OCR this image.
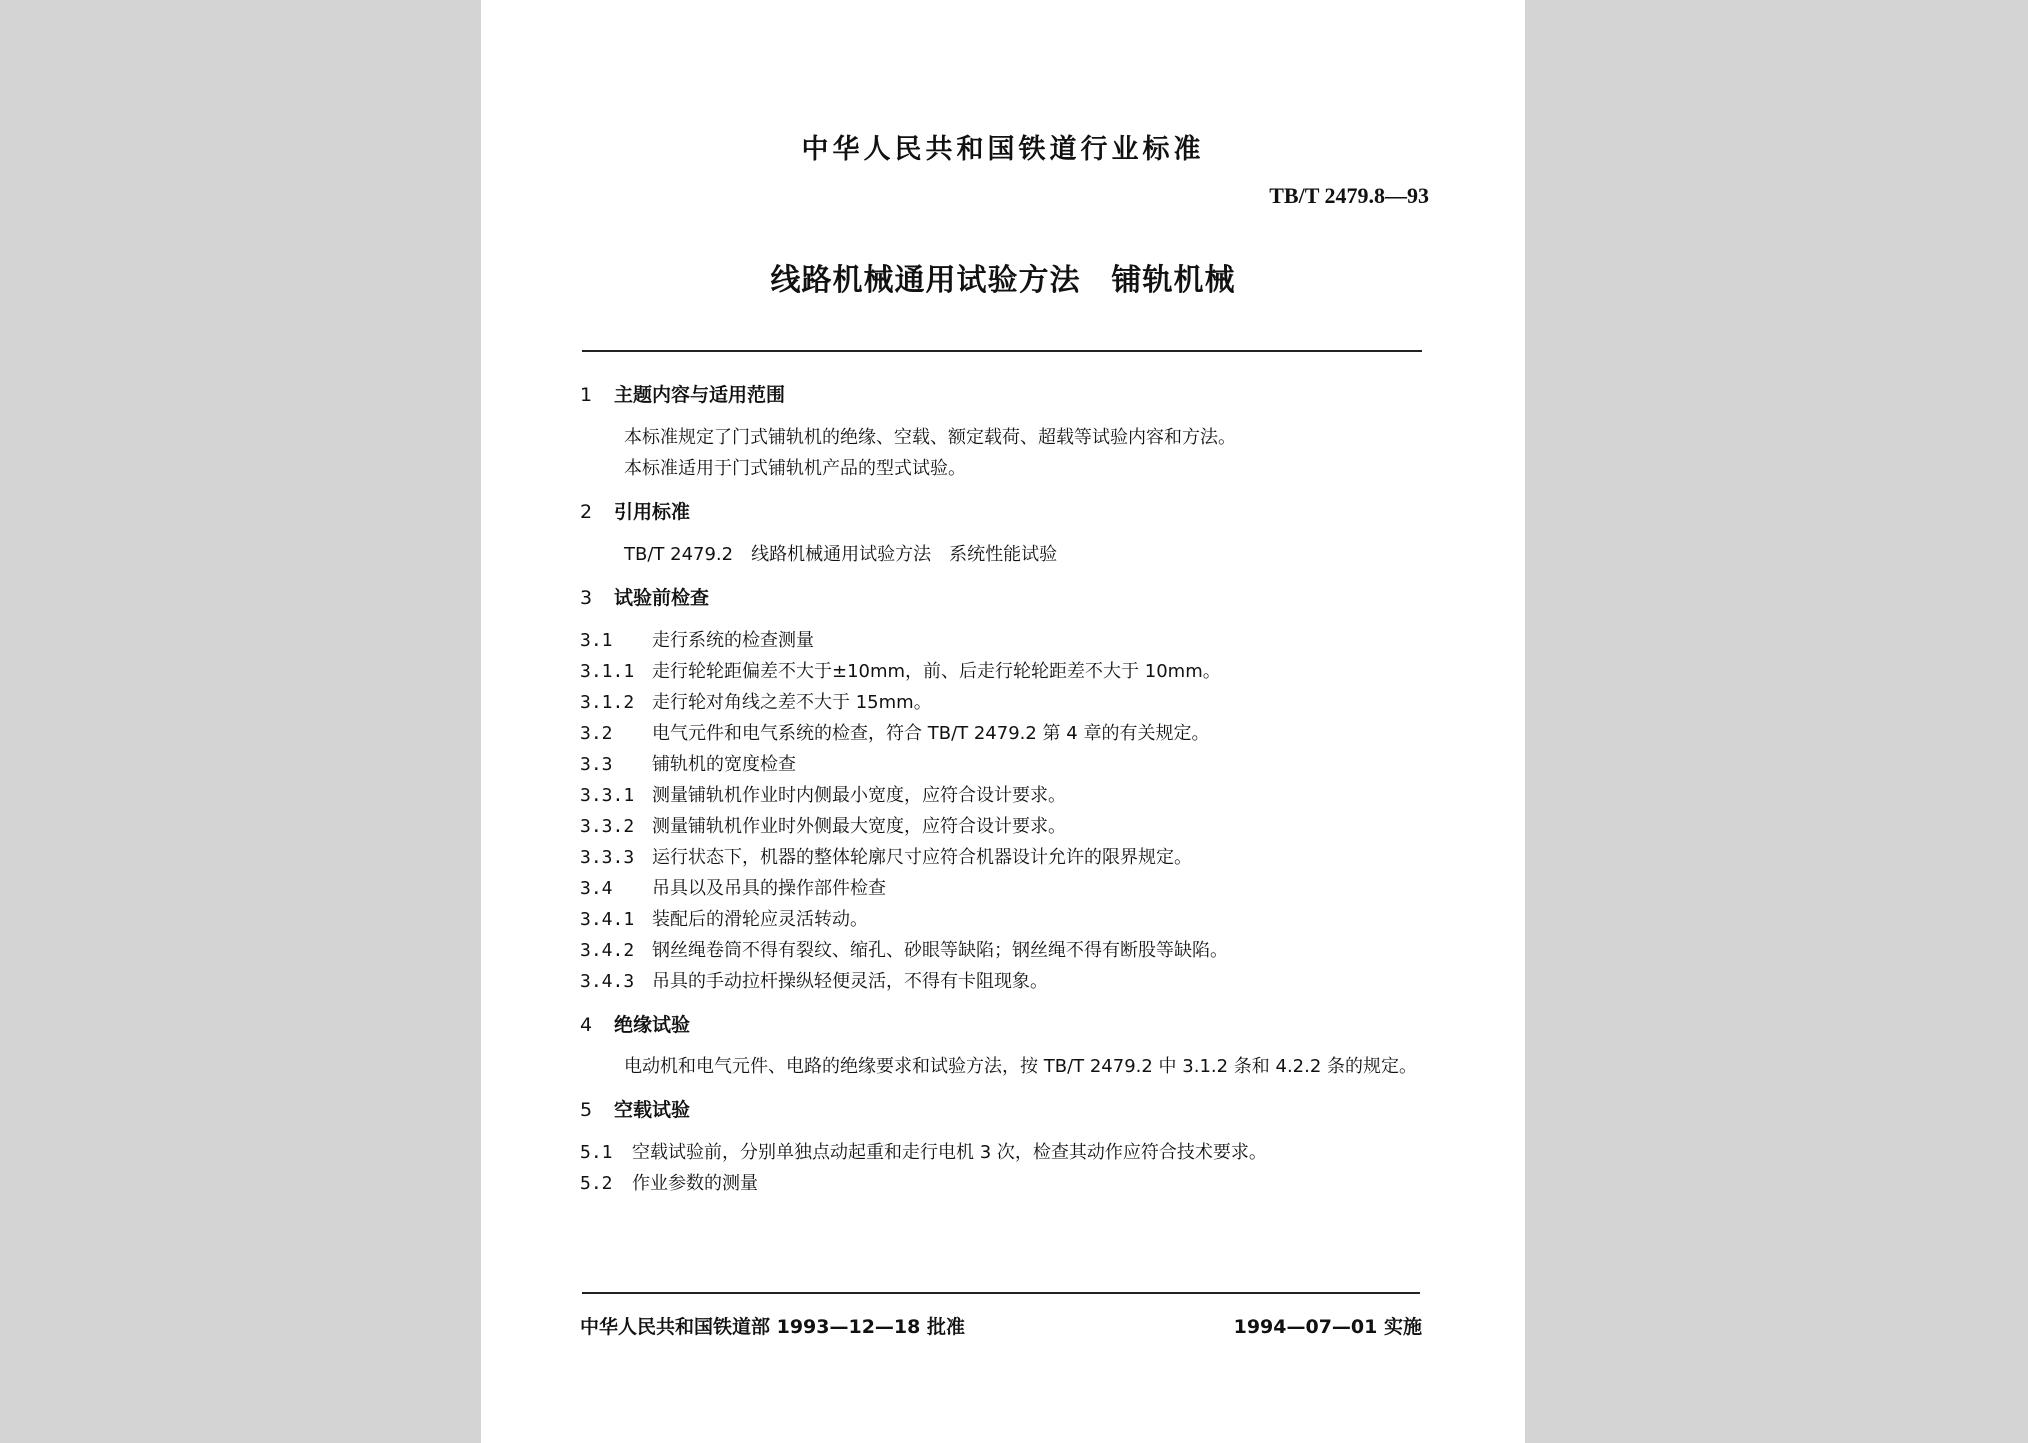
中华人民共和国铁道行业标准
TB/T 2479.8—93
线路机械通用试验方法　铺轨机械
1 主题内容与适用范围
本标准规定了门式铺轨机的绝缘、空载、额定载荷、超载等试验内容和方法。
本标准适用于门式铺轨机产品的型式试验。
2 引用标准
TB/T 2479.2　线路机械通用试验方法　系统性能试验
3 试验前检查
3.1 走行系统的检查测量
3.1.1 走行轮轮距偏差不大于±10mm，前、后走行轮轮距差不大于 10mm。
3.1.2 走行轮对角线之差不大于 15mm。
3.2 电气元件和电气系统的检查，符合 TB/T 2479.2 第 4 章的有关规定。
3.3 铺轨机的宽度检查
3.3.1 测量铺轨机作业时内侧最小宽度，应符合设计要求。
3.3.2 测量铺轨机作业时外侧最大宽度，应符合设计要求。
3.3.3 运行状态下，机器的整体轮廓尺寸应符合机器设计允许的限界规定。
3.4 吊具以及吊具的操作部件检查
3.4.1 装配后的滑轮应灵活转动。
3.4.2 钢丝绳卷筒不得有裂纹、缩孔、砂眼等缺陷；钢丝绳不得有断股等缺陷。
3.4.3 吊具的手动拉杆操纵轻便灵活，不得有卡阻现象。
4 绝缘试验
电动机和电气元件、电路的绝缘要求和试验方法，按 TB/T 2479.2 中 3.1.2 条和 4.2.2 条的规定。
5 空载试验
5.1 空载试验前，分别单独点动起重和走行电机 3 次，检查其动作应符合技术要求。
5.2 作业参数的测量
中华人民共和国铁道部 1993—12—18 批准	1994—07—01 实施
